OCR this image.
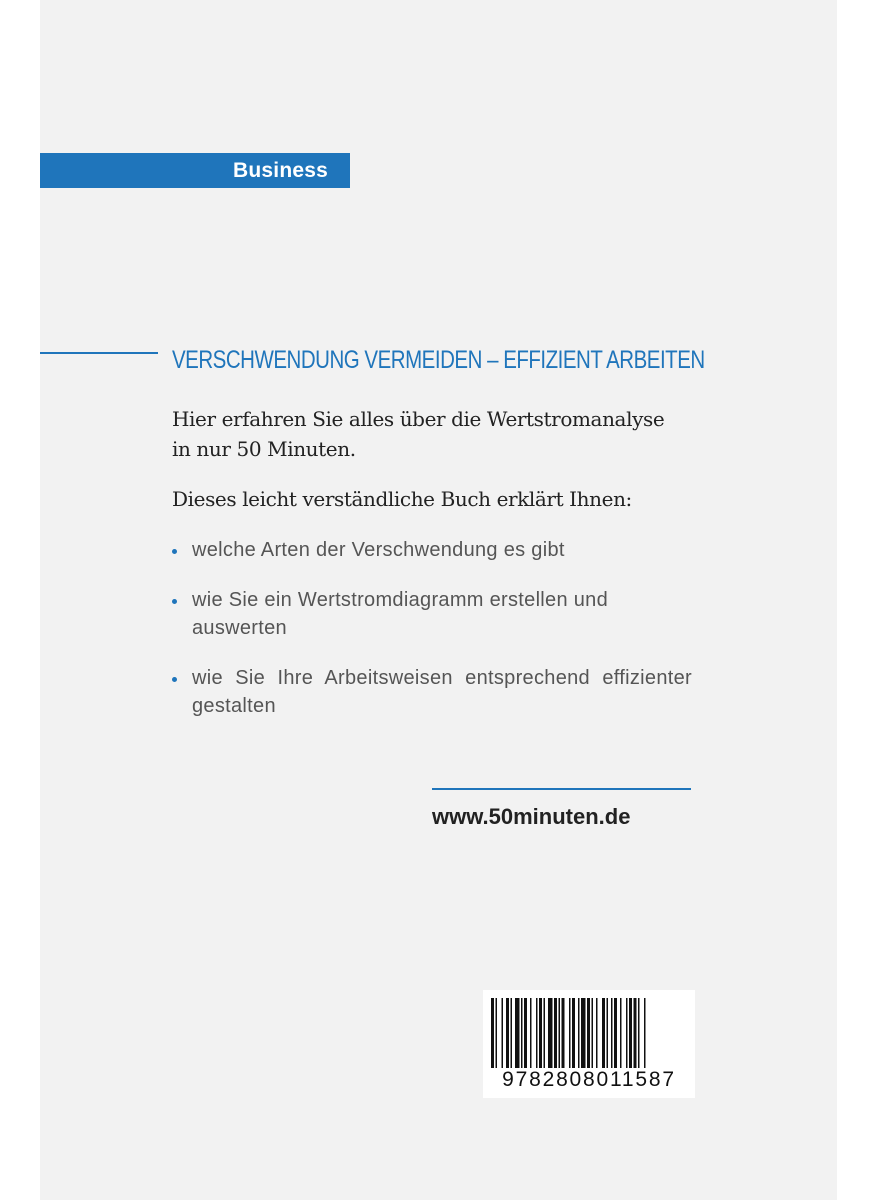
Business
VERSCHWENDUNG VERMEIDEN – EFFIZIENT ARBEITEN
Hier erfahren Sie alles über die Wertstromanalyse
in nur 50 Minuten.
Dieses leicht verständliche Buch erklärt Ihnen:
welche Arten der Verschwendung es gibt
wie Sie ein Wertstromdiagramm erstellen und auswerten
wie Sie Ihre Arbeitsweisen entsprechend effizienter gestalten
www.50minuten.de
9782808011587
